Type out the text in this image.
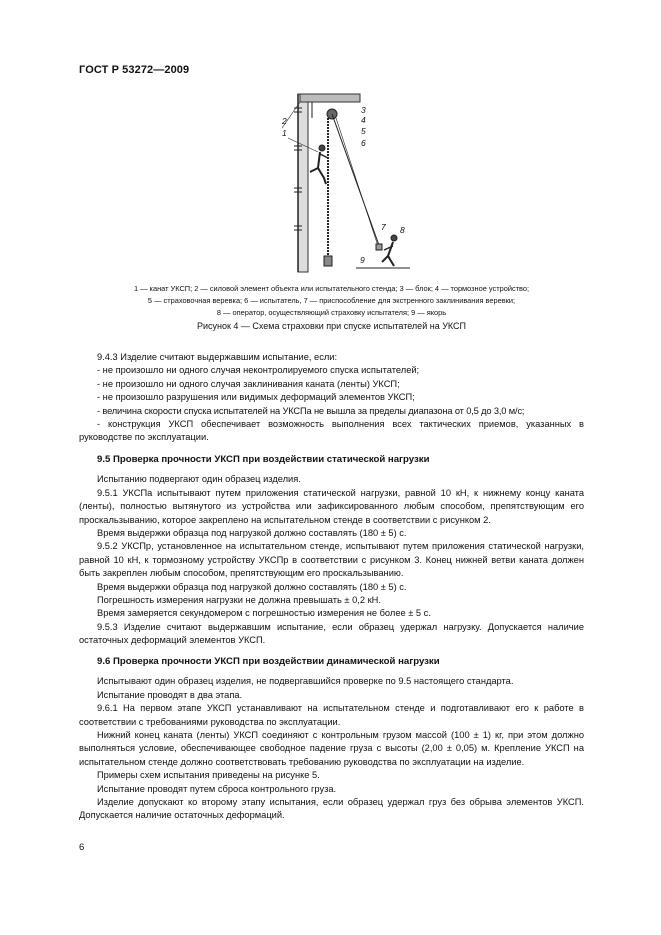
ГОСТ Р 53272—2009
3
4
5
6
2
1
7 8
9
1 — канат УКСП; 2 — силовой элемент объекта или испытательного стенда; 3 — блок; 4 — тормозное устройство;
5 — страховочная веревка; 6 — испытатель, 7 — приспособление для экстренного заклинивания веревки;
8 — оператор, осуществляющий страховку испытателя; 9 — якорь
Рисунок 4 — Схема страховки при спуске испытателей на УКСП

9.4.3 Изделие считают выдержавшим испытание, если:

- не произошло ни одного случая неконтролируемого спуска испытателей;

- не произошло ни одного случая заклинивания каната (ленты) УКСП;

- не произошло разрушения или видимых деформаций элементов УКСП;

- величина скорости спуска испытателей на УКСПа не вышла за пределы диапазона от 0,5 до 3,0 м/с;

- конструкция УКСП обеспечивает возможность выполнения всех тактических приемов, указанных в руководстве по эксплуатации.

9.5 Проверка прочности УКСП при воздействии статической нагрузки

Испытанию подвергают один образец изделия.

9.5.1 УКСПа испытывают путем приложения статической нагрузки, равной 10 кН, к нижнему концу каната (ленты), полностью вытянутого из устройства или зафиксированного любым способом, препятствующим его проскальзыванию, которое закреплено на испытательном стенде в соответствии с рисунком 2.

Время выдержки образца под нагрузкой должно составлять (180 ± 5) с.

9.5.2 УКСПр, установленное на испытательном стенде, испытывают путем приложения статической нагрузки, равной 10 кН, к тормозному устройству УКСПр в соответствии с рисунком 3. Конец нижней ветви каната должен быть закреплен любым способом, препятствующим его проскальзыванию.

Время выдержки образца под нагрузкой должно составлять (180 ± 5) с.

Погрешность измерения нагрузки не должна превышать ± 0,2 кН.

Время замеряется секундомером с погрешностью измерения не более ± 5 с.

9.5.3 Изделие считают выдержавшим испытание, если образец удержал нагрузку. Допускается наличие остаточных деформаций элементов УКСП.

9.6 Проверка прочности УКСП при воздействии динамической нагрузки

Испытывают один образец изделия, не подвергавшийся проверке по 9.5 настоящего стандарта.

Испытание проводят в два этапа.

9.6.1 На первом этапе УКСП устанавливают на испытательном стенде и подготавливают его к работе в соответствии с требованиями руководства по эксплуатации.

Нижний конец каната (ленты) УКСП соединяют с контрольным грузом массой (100 ± 1) кг, при этом должно выполняться условие, обеспечивающее свободное падение груза с высоты (2,00 ± 0,05) м. Крепление УКСП на испытательном стенде должно соответствовать требованию руководства по эксплуатации на изделие.

Примеры схем испытания приведены на рисунке 5.

Испытание проводят путем сброса контрольного груза.

Изделие допускают ко второму этапу испытания, если образец удержал груз без обрыва элементов УКСП. Допускается наличие остаточных деформаций.

6
